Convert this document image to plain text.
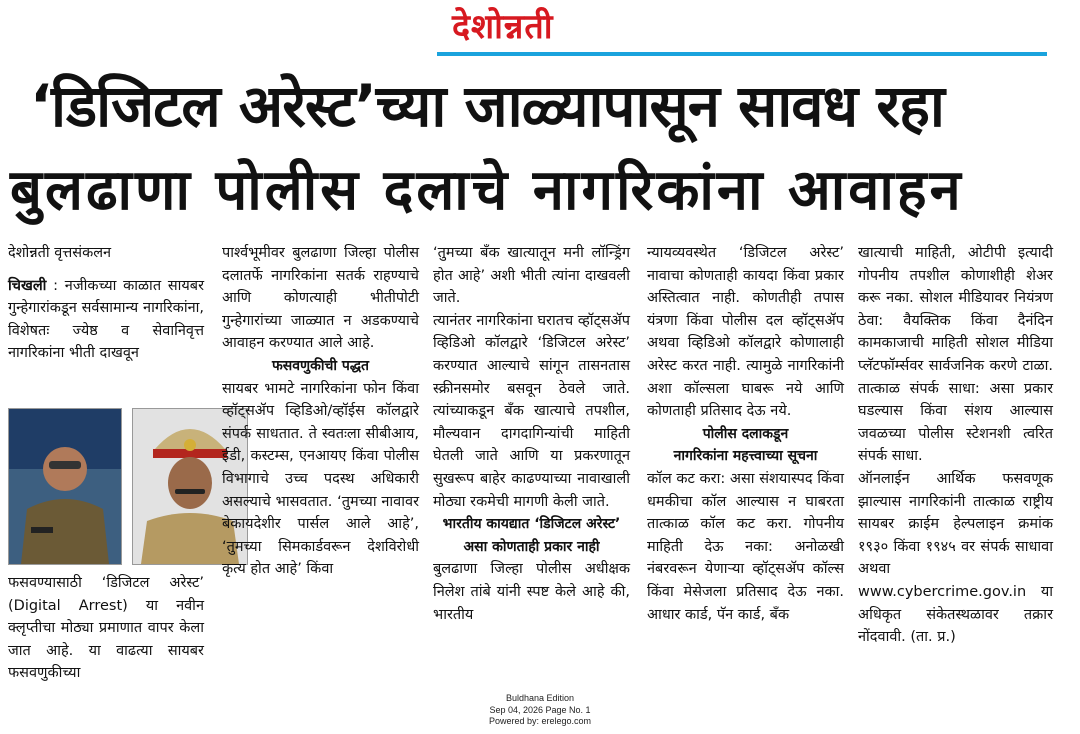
देशोन्नती
‘डिजिटल अरेस्ट’च्या जाळ्यापासून सावध रहा
बुलढाणा पोलीस दलाचे नागरिकांना आवाहन

देशोन्नती वृत्तसंकलन

चिखली : नजीकच्या काळात सायबर गुन्हेगारांकडून सर्वसामान्य नागरिकांना, विशेषतः ज्येष्ठ व सेवानिवृत्त नागरिकांना भीती दाखवून

फसवण्यासाठी ‘डिजिटल अरेस्ट’ (Digital Arrest) या नवीन क्लृप्तीचा मोठ्या प्रमाणात वापर केला जात आहे. या वाढत्या सायबर फसवणुकीच्या

पार्श्वभूमीवर बुलढाणा जिल्हा पोलीस दलातर्फे नागरिकांना सतर्क राहण्याचे आणि कोणत्याही भीतीपोटी गुन्हेगारांच्या जाळ्यात न अडकण्याचे आवाहन करण्यात आले आहे.

फसवणुकीची पद्धत

सायबर भामटे नागरिकांना फोन किंवा व्हॉट्सॲप व्हिडिओ/व्हॉईस कॉलद्वारे संपर्क साधतात. ते स्वतःला सीबीआय, ईडी, कस्टम्स, एनआयए किंवा पोलीस विभागाचे उच्च पदस्थ अधिकारी असल्याचे भासवतात. ‘तुमच्या नावावर बेकायदेशीर पार्सल आले आहे’, ‘तुमच्या सिमकार्डवरून देशविरोधी कृत्य होत आहे’ किंवा

‘तुमच्या बँक खात्यातून मनी लॉन्ड्रिंग होत आहे’ अशी भीती त्यांना दाखवली जाते.

त्यानंतर नागरिकांना घरातच व्हॉट्सॲप व्हिडिओ कॉलद्वारे ‘डिजिटल अरेस्ट’ करण्यात आल्याचे सांगून तासनतास स्क्रीनसमोर बसवून ठेवले जाते. त्यांच्याकडून बँक खात्याचे तपशील, मौल्यवान दागदागिन्यांची माहिती घेतली जाते आणि या प्रकरणातून सुखरूप बाहेर काढण्याच्या नावाखाली मोठ्या रकमेची मागणी केली जाते.

भारतीय कायद्यात ‘डिजिटल अरेस्ट’

असा कोणताही प्रकार नाही

बुलढाणा जिल्हा पोलीस अधीक्षक निलेश तांबे यांनी स्पष्ट केले आहे की, भारतीय

न्यायव्यवस्थेत ‘डिजिटल अरेस्ट’ नावाचा कोणताही कायदा किंवा प्रकार अस्तित्वात नाही. कोणतीही तपास यंत्रणा किंवा पोलीस दल व्हॉट्सॲप अथवा व्हिडिओ कॉलद्वारे कोणालाही अरेस्ट करत नाही. त्यामुळे नागरिकांनी अशा कॉल्सला घाबरू नये आणि कोणताही प्रतिसाद देऊ नये.

पोलीस दलाकडून

नागरिकांना महत्त्वाच्या सूचना

कॉल कट करा: असा संशयास्पद किंवा धमकीचा कॉल आल्यास न घाबरता तात्काळ कॉल कट करा. गोपनीय माहिती देऊ नका: अनोळखी नंबरवरून येणाऱ्या व्हॉट्सॲप कॉल्स किंवा मेसेजला प्रतिसाद देऊ नका. आधार कार्ड, पॅन कार्ड, बँक

खात्याची माहिती, ओटीपी इत्यादी गोपनीय तपशील कोणाशीही शेअर करू नका. सोशल मीडियावर नियंत्रण ठेवा: वैयक्तिक किंवा दैनंदिन कामकाजाची माहिती सोशल मीडिया प्लॅटफॉर्म्सवर सार्वजनिक करणे टाळा. तात्काळ संपर्क साधा: असा प्रकार घडल्यास किंवा संशय आल्यास जवळच्या पोलीस स्टेशनशी त्वरित संपर्क साधा.

ऑनलाईन आर्थिक फसवणूक झाल्यास नागरिकांनी तात्काळ राष्ट्रीय सायबर क्राईम हेल्पलाइन क्रमांक १९३० किंवा १९४५ वर संपर्क साधावा अथवा www.cybercrime.gov.in या अधिकृत संकेतस्थळावर तक्रार नोंदवावी. (ता. प्र.)

Buldhana Edition
Sep 04, 2026 Page No. 1
Powered by: erelego.com
